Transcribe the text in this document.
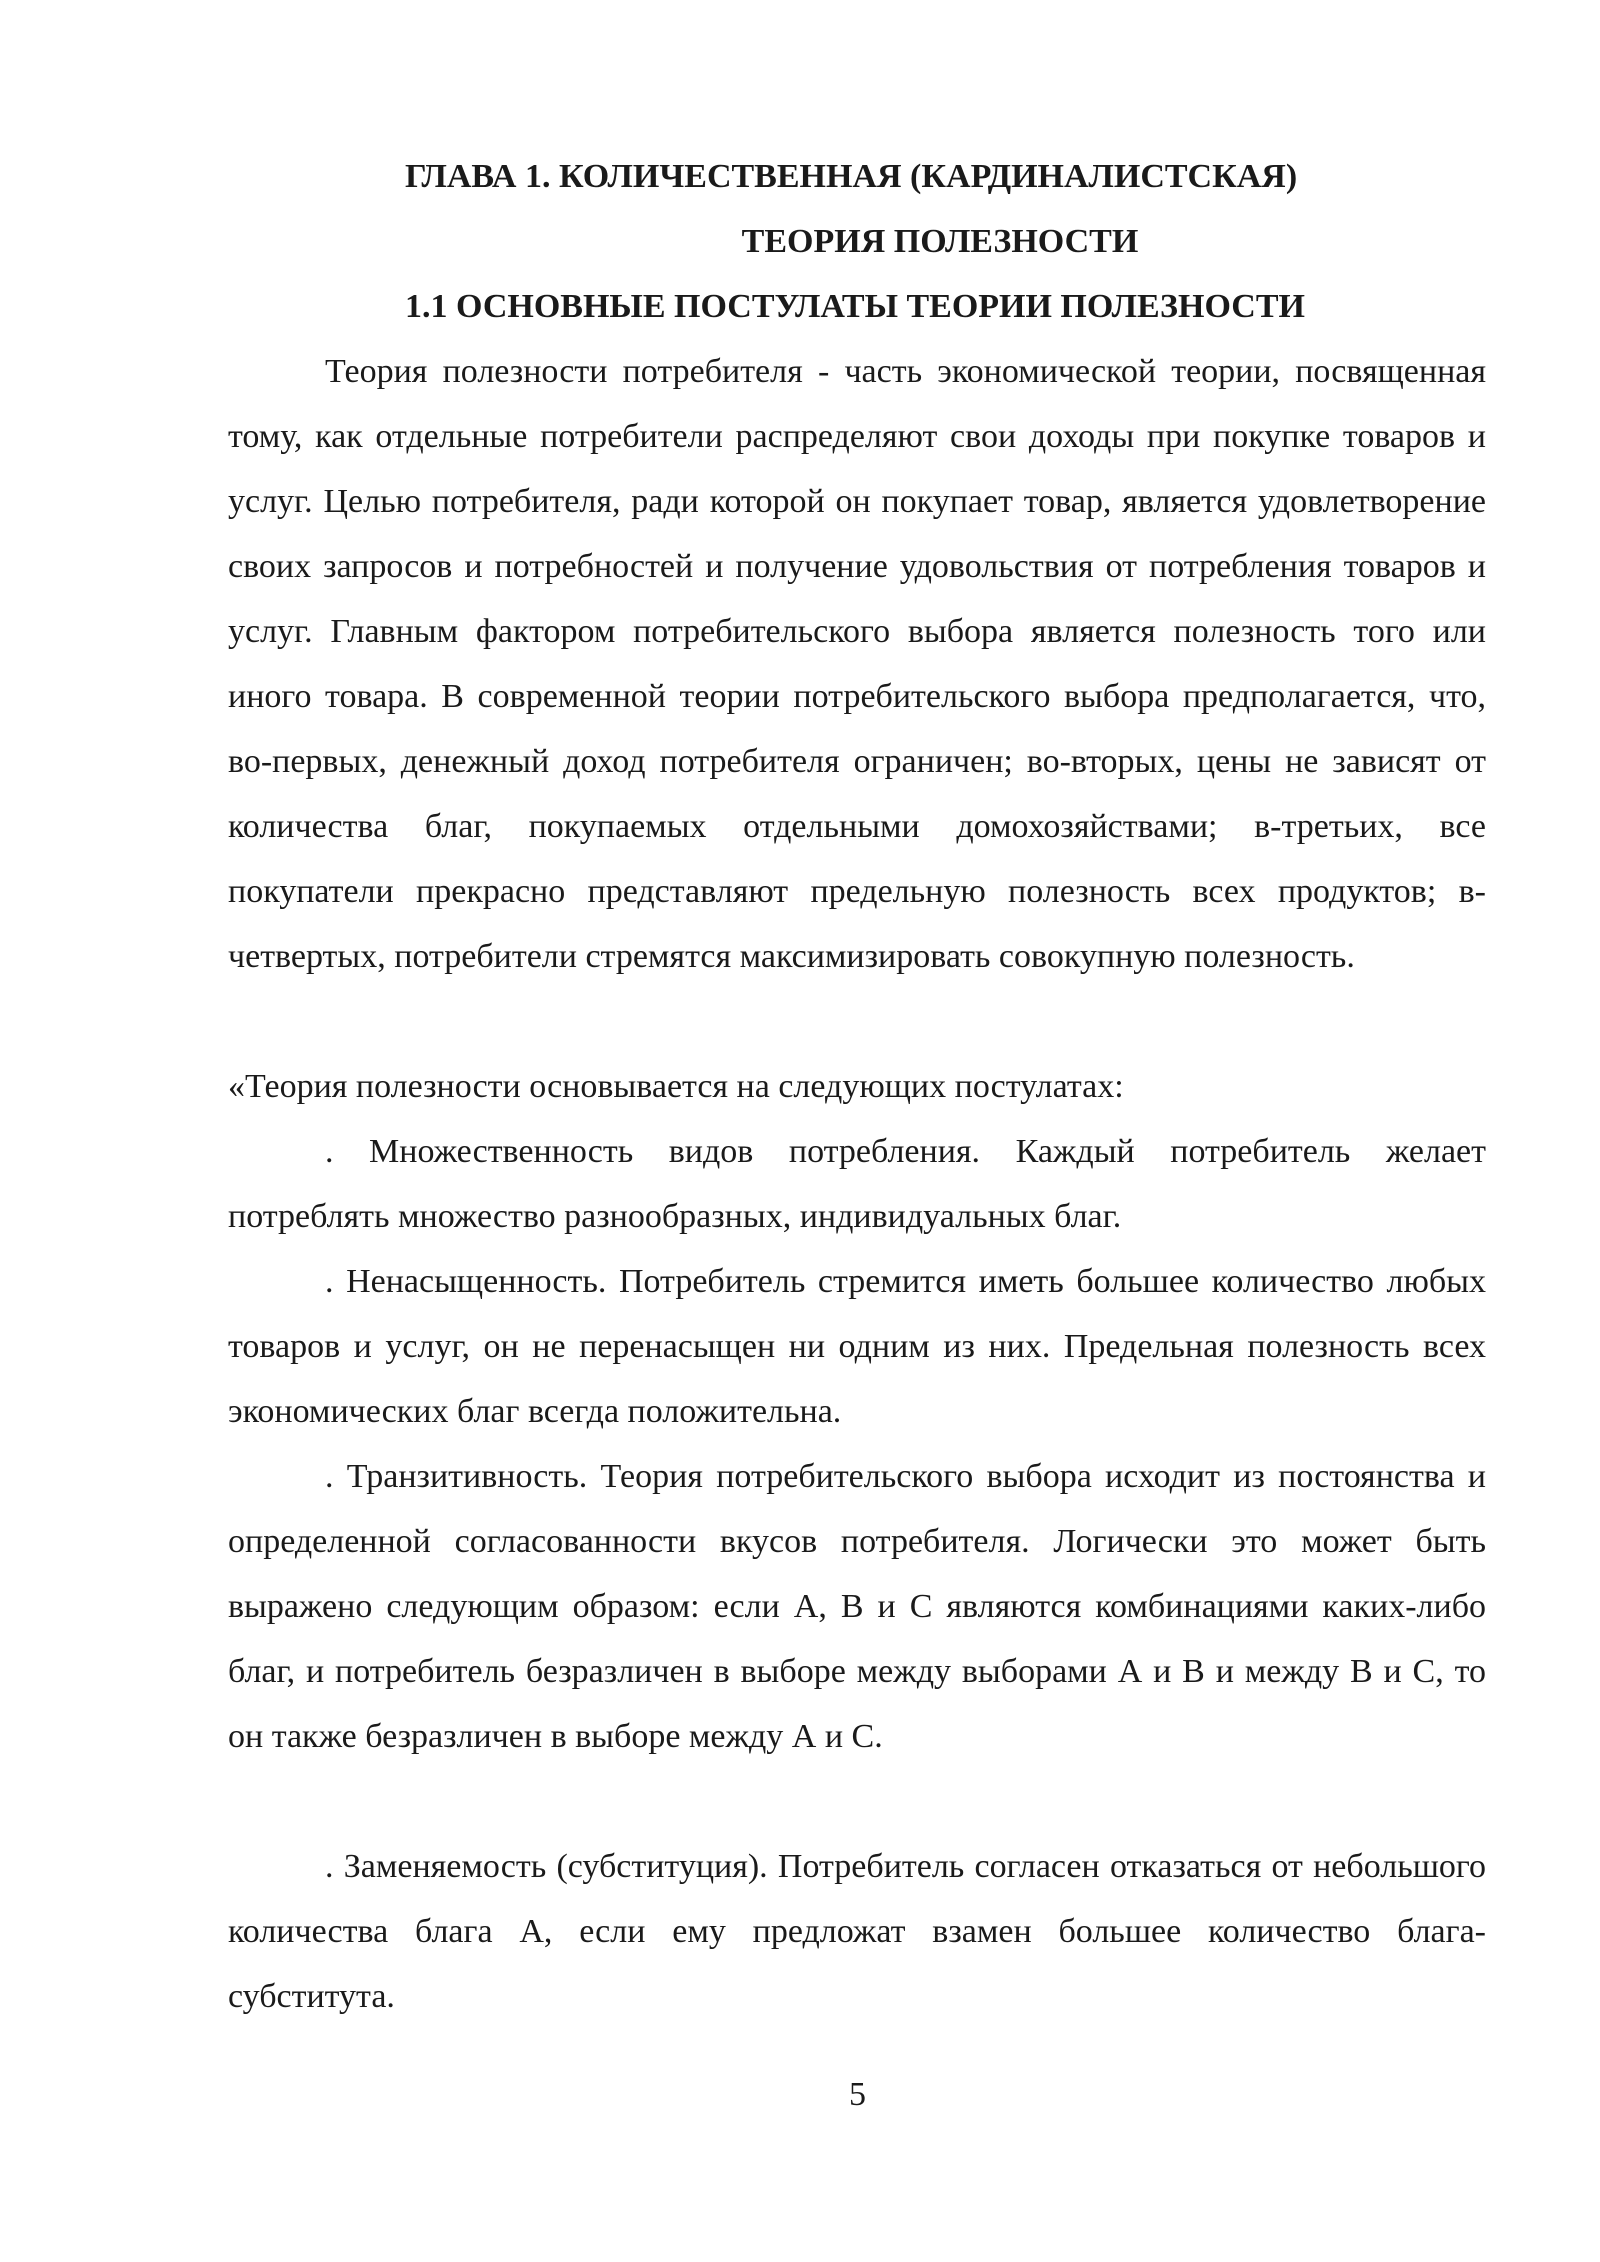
ГЛАВА 1. КОЛИЧЕСТВЕННАЯ (КАРДИНАЛИСТСКАЯ)
ТЕОРИЯ ПОЛЕЗНОСТИ
1.1 ОСНОВНЫЕ ПОСТУЛАТЫ ТЕОРИИ ПОЛЕЗНОСТИ

Теория полезности потребителя - часть экономической теории, посвященная тому, как отдельные потребители распределяют свои доходы при покупке товаров и услуг. Целью потребителя, ради которой он покупает товар, является удовлетворение своих запросов и потребностей и получение удовольствия от потребления товаров и услуг. Главным фактором потребительского выбора является полезность того или иного товара. В современной теории потребительского выбора предполагается, что, во-первых, денежный доход потребителя ограничен; во-вторых, цены не зависят от количества благ, покупаемых отдельными домохозяйствами; в-третьих, все покупатели прекрасно представляют предельную полезность всех продуктов; в-четвертых, потребители стремятся максимизировать совокупную полезность.

«Теория полезности основывается на следующих постулатах:

. Множественность видов потребления. Каждый потребитель желает потреблять множество разнообразных, индивидуальных благ.

. Ненасыщенность. Потребитель стремится иметь большее количество любых товаров и услуг, он не перенасыщен ни одним из них. Предельная полезность всех экономических благ всегда положительна.

. Транзитивность. Теория потребительского выбора исходит из постоянства и определенной согласованности вкусов потребителя. Логически это может быть выражено следующим образом: если А, В и С являются комбинациями каких-либо благ, и потребитель безразличен в выборе между выборами А и В и между В и С, то он также безразличен в выборе между А и С.

. Заменяемость (субституция). Потребитель согласен отказаться от небольшого количества блага А, если ему предложат взамен большее количество блага-субститута.

5
